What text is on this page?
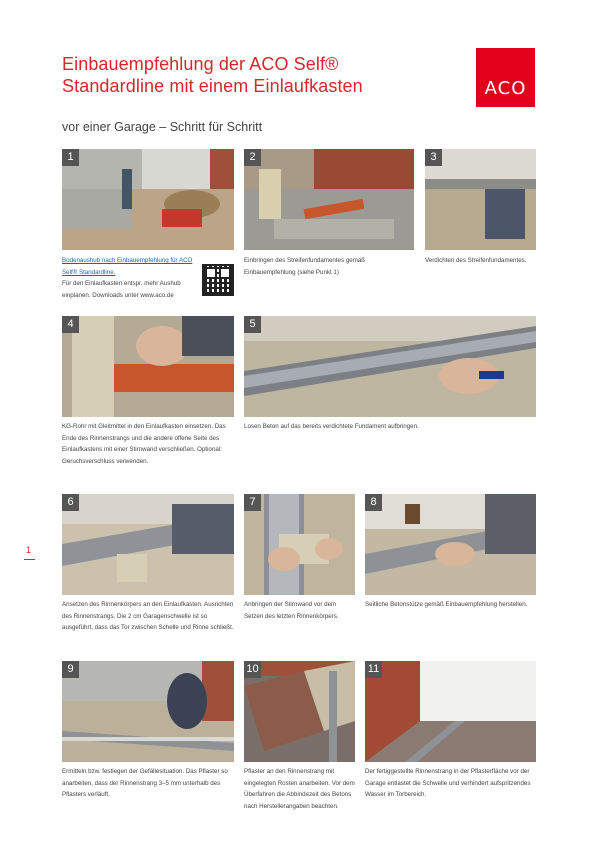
Einbauempfehlung der ACO Self®
Standardline mit einem Einlaufkasten	ACO
vor einer Garage – Schritt für Schritt
1
1
Bodenaushub nach Einbauempfehlung für ACO Self® Standardline.
Für den Einlaufkasten entspr. mehr Aushub einplanen. Downloads unter www.aco.de
2
Einbringen des Streifenfundamentes gemäß Einbauempfehlung (siehe Punkt 1)
3
Verdichten des Streifenfundamentes.
4
KG-Rohr mit Gleitmittel in den Einlaufkasten einsetzen. Das Ende des Rinnenstrangs und die andere offene Seite des Einlaufkastens mit einer Stirnwand verschließen. Optional: Geruchsverschluss verwenden.
5
Losen Beton auf das bereits verdichtete Fundament aufbringen.
6
Ansetzen des Rinnenkörpers an den Einlaufkasten. Ausrichten des Rinnenstrangs. Die 2 cm Garagenschwelle ist so ausgeführt, dass das Tor zwischen Schelle und Rinne schließt.
7
Anbringen der Stirnwand vor dem Setzen des letzten Rinnenkörpers.
8
Seitliche Betonstütze gemäß Einbauempfehlung herstellen.
9
Ermitteln bzw. festlegen der Gefällesituation. Das Pflaster so anarbeiten, dass der Rinnenstrang 3–5 mm unterhalb des Pflasters verläuft.
10
Pflaster an den Rinnenstrang mit eingelegten Rosten anarbeiten. Vor dem Überfahren die Abbindezeit des Betons nach Herstellerangaben beachten.
11
Der fertiggestellte Rinnenstrang in der Pflasterfläche vor der Garage entlastet die Schwelle und verhindert aufspritzendes Wasser im Torbereich.
